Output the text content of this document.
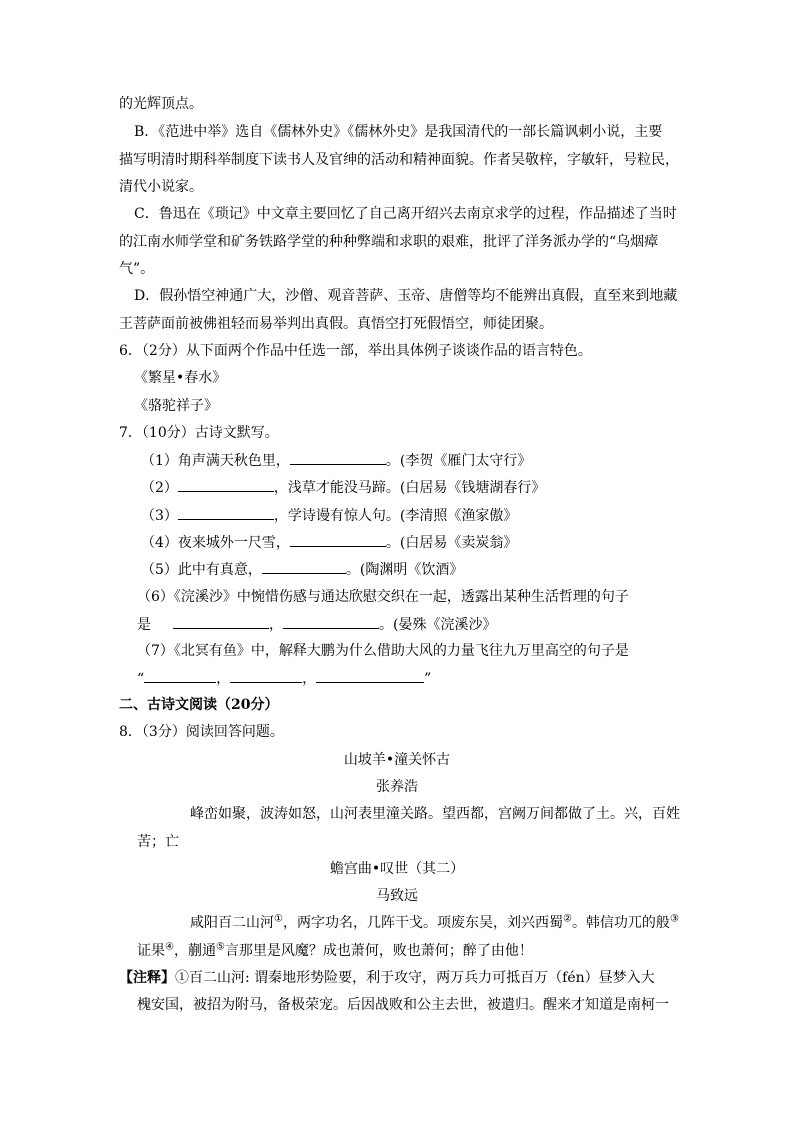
的光辉顶点。
B．《范进中举》选自《儒林外史》《儒林外史》是我国清代的一部长篇讽刺小说，主要
描写明清时期科举制度下读书人及官绅的活动和精神面貌。作者吴敬梓，字敏轩，号粒民，
清代小说家。
C．鲁迅在《琐记》中文章主要回忆了自己离开绍兴去南京求学的过程，作品描述了当时
的江南水师学堂和矿务铁路学堂的种种弊端和求职的艰难，批评了洋务派办学的“乌烟瘴
气”。
D．假孙悟空神通广大，沙僧、观音菩萨、玉帝、唐僧等均不能辨出真假，直至来到地藏
王菩萨面前被佛祖轻而易举判出真假。真悟空打死假悟空，师徒团聚。
6．（2分）从下面两个作品中任选一部，举出具体例子谈谈作品的语言特色。
《繁星•春水》
《骆驼祥子》
7．（10分）古诗文默写。
（1）角声满天秋色里，	。(李贺《雁门太守行》
（2）	，浅草才能没马蹄。(白居易《钱塘湖春行》
（3）	，学诗谩有惊人句。(李清照《渔家傲》
（4）夜来城外一尺雪，	。(白居易《卖炭翁》
（5）此中有真意，	。(陶渊明《饮酒》
（6）《浣溪沙》中惋惜伤感与通达欣慰交织在一起，透露出某种生活哲理的句子
是	，	。(晏殊《浣溪沙》
（7）《北冥有鱼》中，解释大鹏为什么借助大风的力量飞往九万里高空的句子是
“	，	，	”
二、古诗文阅读（20分）
8．（3分）阅读回答问题。
山坡羊•潼关怀古
张养浩
峰峦如聚，波涛如怒，山河表里潼关路。望西都，宫阙万间都做了土。兴，百姓
苦；亡
蟾宫曲•叹世（其二）
马致远
咸阳百二山河①，两字功名，几阵干戈。项废东吴，刘兴西蜀②。韩信功兀的般③
证果④，蒯通⑤言那里是风魔？成也萧何，败也萧何；醉了由他！
【注释】①百二山河: 谓秦地形势险要，利于攻守，两万兵力可抵百万（fén）昼梦入大
槐安国，被招为附马，备极荣宠。后因战败和公主去世，被遣归。醒来才知道是南柯一
